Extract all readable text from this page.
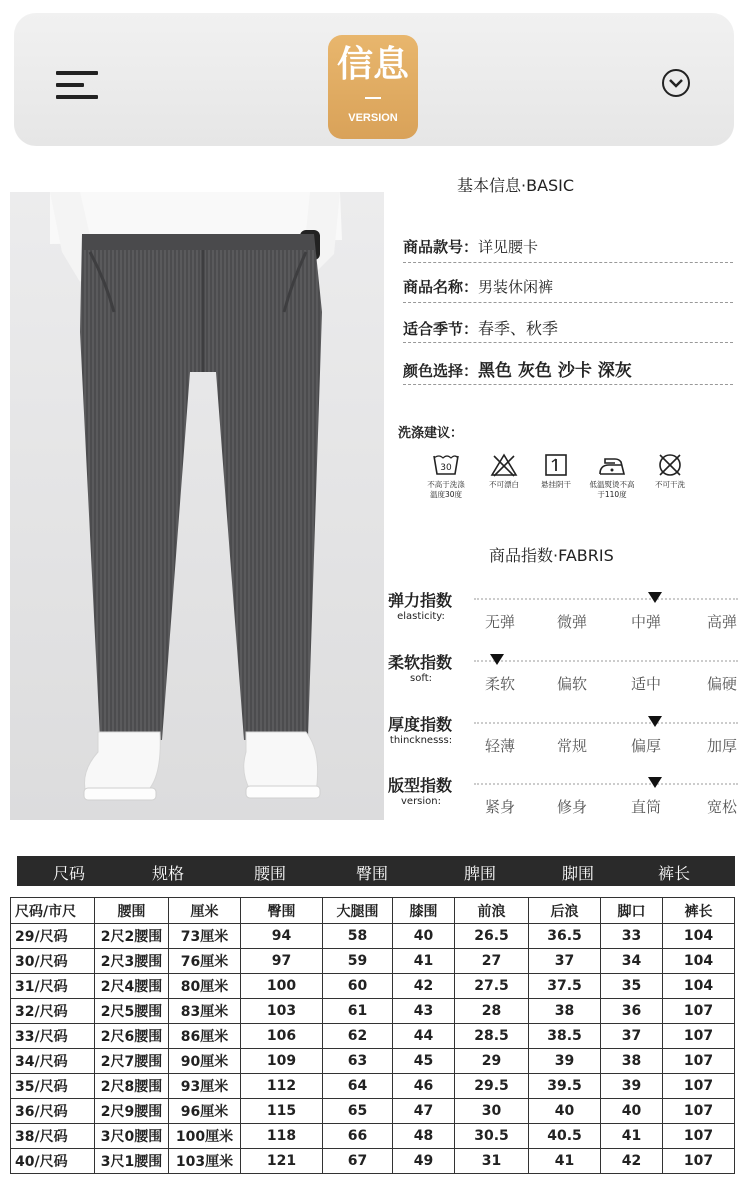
信息
VERSION
基本信息·BASIC
商品款号：详见腰卡
商品名称：男装休闲裤
适合季节：春季、秋季
颜色选择：黑色 灰色 沙卡 深灰
洗涤建议：
30
不高于洗涤温度30度
不可漂白	悬挂阴干	低温熨烫不高于110度
不可干洗
商品指数·FABRIS
弹力指数
elasticity:	无弹	微弹	中弹	高弹
柔软指数
soft:	柔软	偏软	适中	偏硬
厚度指数
thincknesss:	轻薄	常规	偏厚	加厚
版型指数
version:	紧身	修身	直筒	宽松
尺码	规格	腰围	臀围	脾围	脚围	裤长
尺码/市尺	腰围	厘米	臀围	大腿围	膝围	前浪	后浪	脚口	裤长
29/尺码	2尺2腰围	73厘米	94	58	40	26.5	36.5	33	104
30/尺码	2尺3腰围	76厘米	97	59	41	27	37	34	104
31/尺码	2尺4腰围	80厘米	100	60	42	27.5	37.5	35	104
32/尺码	2尺5腰围	83厘米	103	61	43	28	38	36	107
33/尺码	2尺6腰围	86厘米	106	62	44	28.5	38.5	37	107
34/尺码	2尺7腰围	90厘米	109	63	45	29	39	38	107
35/尺码	2尺8腰围	93厘米	112	64	46	29.5	39.5	39	107
36/尺码	2尺9腰围	96厘米	115	65	47	30	40	40	107
38/尺码	3尺0腰围	100厘米	118	66	48	30.5	40.5	41	107
40/尺码	3尺1腰围	103厘米	121	67	49	31	41	42	107
